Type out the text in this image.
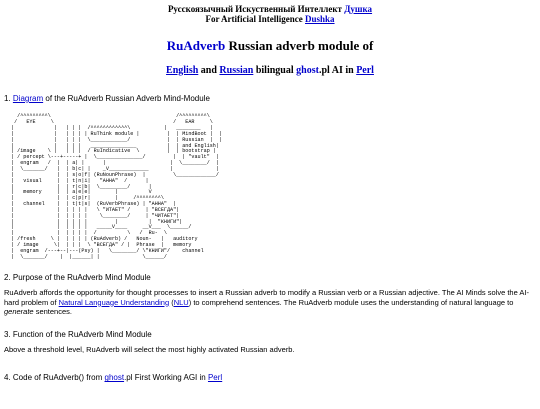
Русскоязычный Искуственный Интеллект Душка
For Artificial Intelligence Dushka
RuAdverb Russian adverb module of
English and Russian bilingual ghost.pl AI in Perl
1. Diagram of the RuAdverb Russian Adverb Mind-Module
/^^^^^^^^^\                                         /^^^^^^^^^\
/   EYE     \                                       /   EAR     \
|             |   | | |  /^^^^^^^^^^^^\           |   ________   |
|             |   | | | | RuThink module |         |  | MindBoot |  |
|             |   | | |  \____________/            |  | Russian  |  |
|             |   | | |   _______________          |  | and English|
| /image    \ |   | | |  / RuIndicative  \         |  | bootstrap |
| / percept \---+-----+ |  \_______________/         |  | "vault"  |
|  engram   /  |  | a| |      |                     |  \________/  |
|  \_______/   |  | b|c| |    _V_____________       |              |
|              |  | s|o|f| (RuNounPhrase)  |         \_____________/
|   visual     |  | t|n|i|   "АННА"  /      |
|              |  | r|c|b|  \_________/      |
|   memory     |  | a|e|e|        |          V
|              |  | c|p|r|        |     /^^^^^^^^\
|   channel    |  | t|t|s|  (RuVerbPhrase) | "АННА"  |
|              |  | | | |   \ "ИТАЕТ" /     | "ВСЕГДА"|
|              |  | | | |    \________/     | "ЧИТАЕТ"|
|              |  | | | |         |          |  "КНИГИ"|
|              |  | | | |   _____V____     __V___  \______/
|              |  | | | |  /          \   /  Ru-  \
| /fresh     \ |  | | | | (RuAdverb) /   Noun-   |   auditory
| / image     \|  | | |  \ "ВСЕГДА" / |  Phrase  |   memory
|  engram  /---+--|---(Psy) |   \________/ \"КНИГИ"/    channel
|  \_______/    |  |______| |              \______/
2. Purpose of the RuAdverb Mind Module

RuAdverb affords the opportunity for thought processes to insert a Russian adverb to modify a Russian verb or a Russian adjective. The AI Minds solve the AI-hard problem of Natural Language Understanding (NLU) to comprehend sentences. The RuAdverb module uses the understanding of natural language to generate sentences.

3. Function of the RuAdverb Mind Module

Above a threshold level, RuAdverb will select the most highly activated Russian adverb.

4. Code of RuAdverb() from ghost.pl First Working AGI in Perl
